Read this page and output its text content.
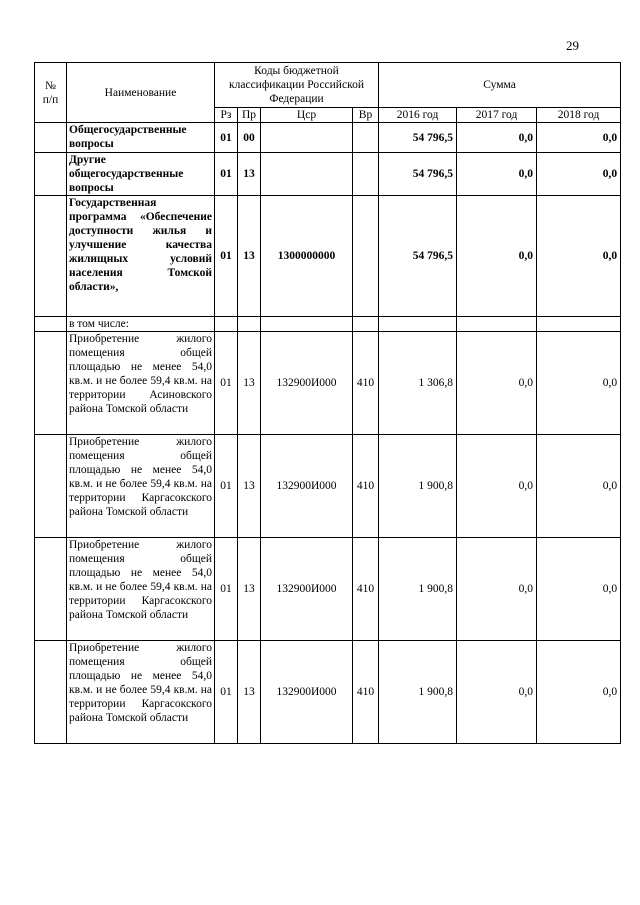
29
№
п/п	Наименование	Коды бюджетной классификации Российской Федерации				Сумма		
		Рз	Пр	Цср	Вр	2016 год	2017 год	2018 год
	Общегосударственные вопросы	01	00			54 796,5	0,0	0,0
	Другие общегосударственные вопросы	01	13			54 796,5	0,0	0,0
	Государственная программа «Обеспечение доступности жилья и улучшение качества жилищных условий населения Томской области»,	01	13	1300000000		54 796,5	0,0	0,0
	в том числе:							
	Приобретение жилого помещения общей площадью не менее 54,0 кв.м. и не более 59,4 кв.м. на территории Асиновского района Томской области	01	13	132900И000	410	1 306,8	0,0	0,0
	Приобретение жилого помещения общей площадью не менее 54,0 кв.м. и не более 59,4 кв.м. на территории Каргасокского района Томской области	01	13	132900И000	410	1 900,8	0,0	0,0
	Приобретение жилого помещения общей площадью не менее 54,0 кв.м. и не более 59,4 кв.м. на территории Каргасокского района Томской области	01	13	132900И000	410	1 900,8	0,0	0,0
	Приобретение жилого помещения общей площадью не менее 54,0 кв.м. и не более 59,4 кв.м. на территории Каргасокского района Томской области	01	13	132900И000	410	1 900,8	0,0	0,0
